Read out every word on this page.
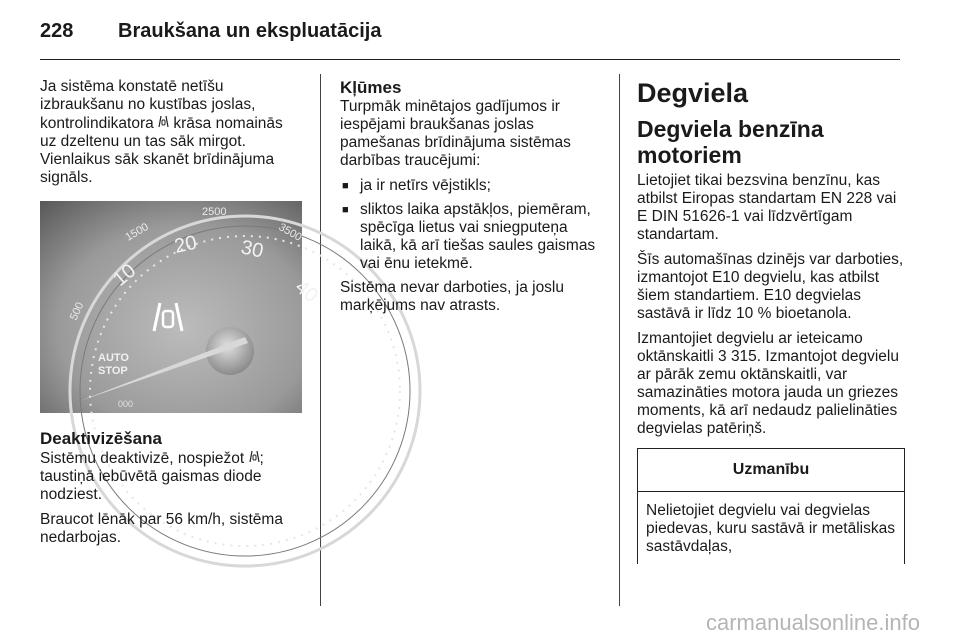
228	Braukšana un ekspluatācija

Ja sistēma konstatē netīšu izbraukšanu no kustības joslas, kontrolindikatora krāsa nomainās uz dzeltenu un tas sāk mirgot. Vienlaikus sāk skanēt brīdinājuma signāls.

2500
1500	3500
500
10
20 30
40
AUTO
STOP
000
Deaktivizēšana

Sistēmu deaktivizē, nospiežot ; taustiņā iebūvētā gaismas diode nodziest.

Braucot lēnāk par 56 km/h, sistēma nedarbojas.

Kļūmes

Turpmāk minētajos gadījumos ir iespējami braukšanas joslas pamešanas brīdinājuma sistēmas darbības traucējumi:

■ ja ir netīrs vējstikls;
■ sliktos laika apstākļos, piemēram, spēcīga lietus vai sniegputeņa laikā, kā arī tiešas saules gaismas vai ēnu ietekmē.

Sistēma nevar darboties, ja joslu marķējums nav atrasts.

Degviela
Degviela benzīna motoriem

Lietojiet tikai bezsvina benzīnu, kas atbilst Eiropas standartam EN 228 vai E DIN 51626-1 vai līdzvērtīgam standartam.

Šīs automašīnas dzinējs var darboties, izmantojot E10 degvielu, kas atbilst šiem standartiem. E10 degvielas sastāvā ir līdz 10 % bioetanola.

Izmantojiet degvielu ar ieteicamo oktānskaitli 3 315. Izmantojot degvielu ar pārāk zemu oktānskaitli, var samazināties motora jauda un griezes moments, kā arī nedaudz palielināties degvielas patēriņš.

Uzmanību
Nelietojiet degvielu vai degvielas piedevas, kuru sastāvā ir metāliskas sastāvdaļas,
carmanualsonline.info
